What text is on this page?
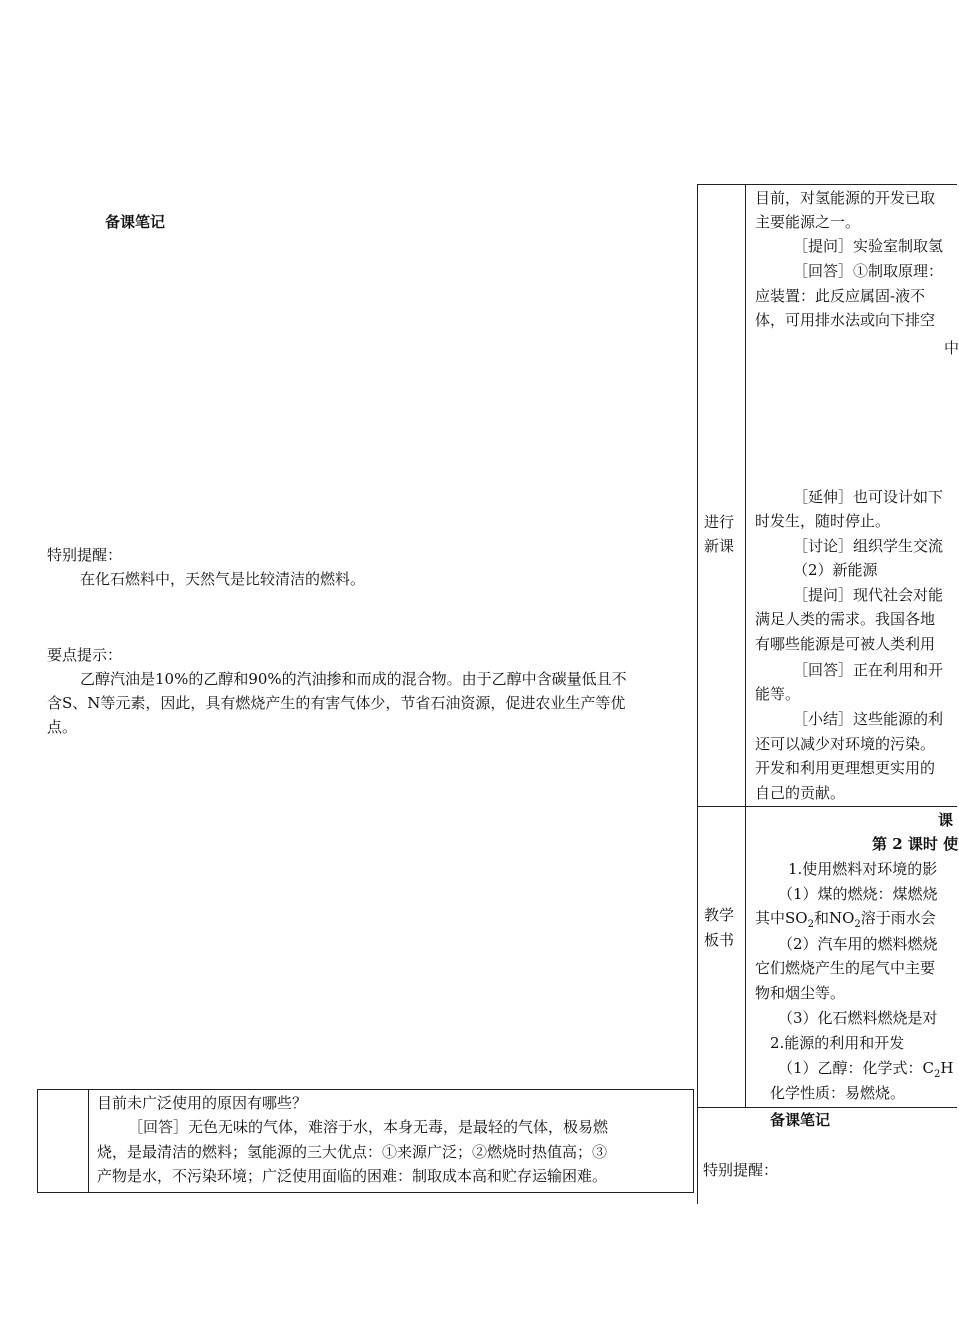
备课笔记
特别提醒：
在化石燃料中，天然气是比较清洁的燃料。
要点提示：
乙醇汽油是10%的乙醇和90%的汽油掺和而成的混合物。由于乙醇中含碳量低且不
含S、N等元素，因此，具有燃烧产生的有害气体少，节省石油资源，促进农业生产等优
点。
目前未广泛使用的原因有哪些？
［回答］无色无味的气体，难溶于水，本身无毒，是最轻的气体，极易燃
烧，是最清洁的燃料；氢能源的三大优点：①来源广泛；②燃烧时热值高；③
产物是水，不污染环境；广泛使用面临的困难：制取成本高和贮存运输困难。
进行
新课
目前，对氢能源的开发已取
主要能源之一。
［提问］实验室制取氢
［回答］①制取原理：
应装置：此反应属固-液不
体，可用排水法或向下排空
中
［延伸］也可设计如下
时发生，随时停止。
［讨论］组织学生交流
（2）新能源
［提问］现代社会对能
满足人类的需求。我国各地
有哪些能源是可被人类利用
［回答］正在利用和开
能等。
［小结］这些能源的利
还可以减少对环境的污染。
开发和利用更理想更实用的
自己的贡献。
教学
板书
课
第 2 课时 使
1.使用燃料对环境的影
（1）煤的燃烧：煤燃烧
其中$SO_2$和$NO_2$溶于雨水会
（2）汽车用的燃料燃烧
它们燃烧产生的尾气中主要
物和烟尘等。
（3）化石燃料燃烧是对
2.能源的利用和开发
（1）乙醇：化学式：$C_2H$
化学性质：易燃烧。
备课笔记
特别提醒：
